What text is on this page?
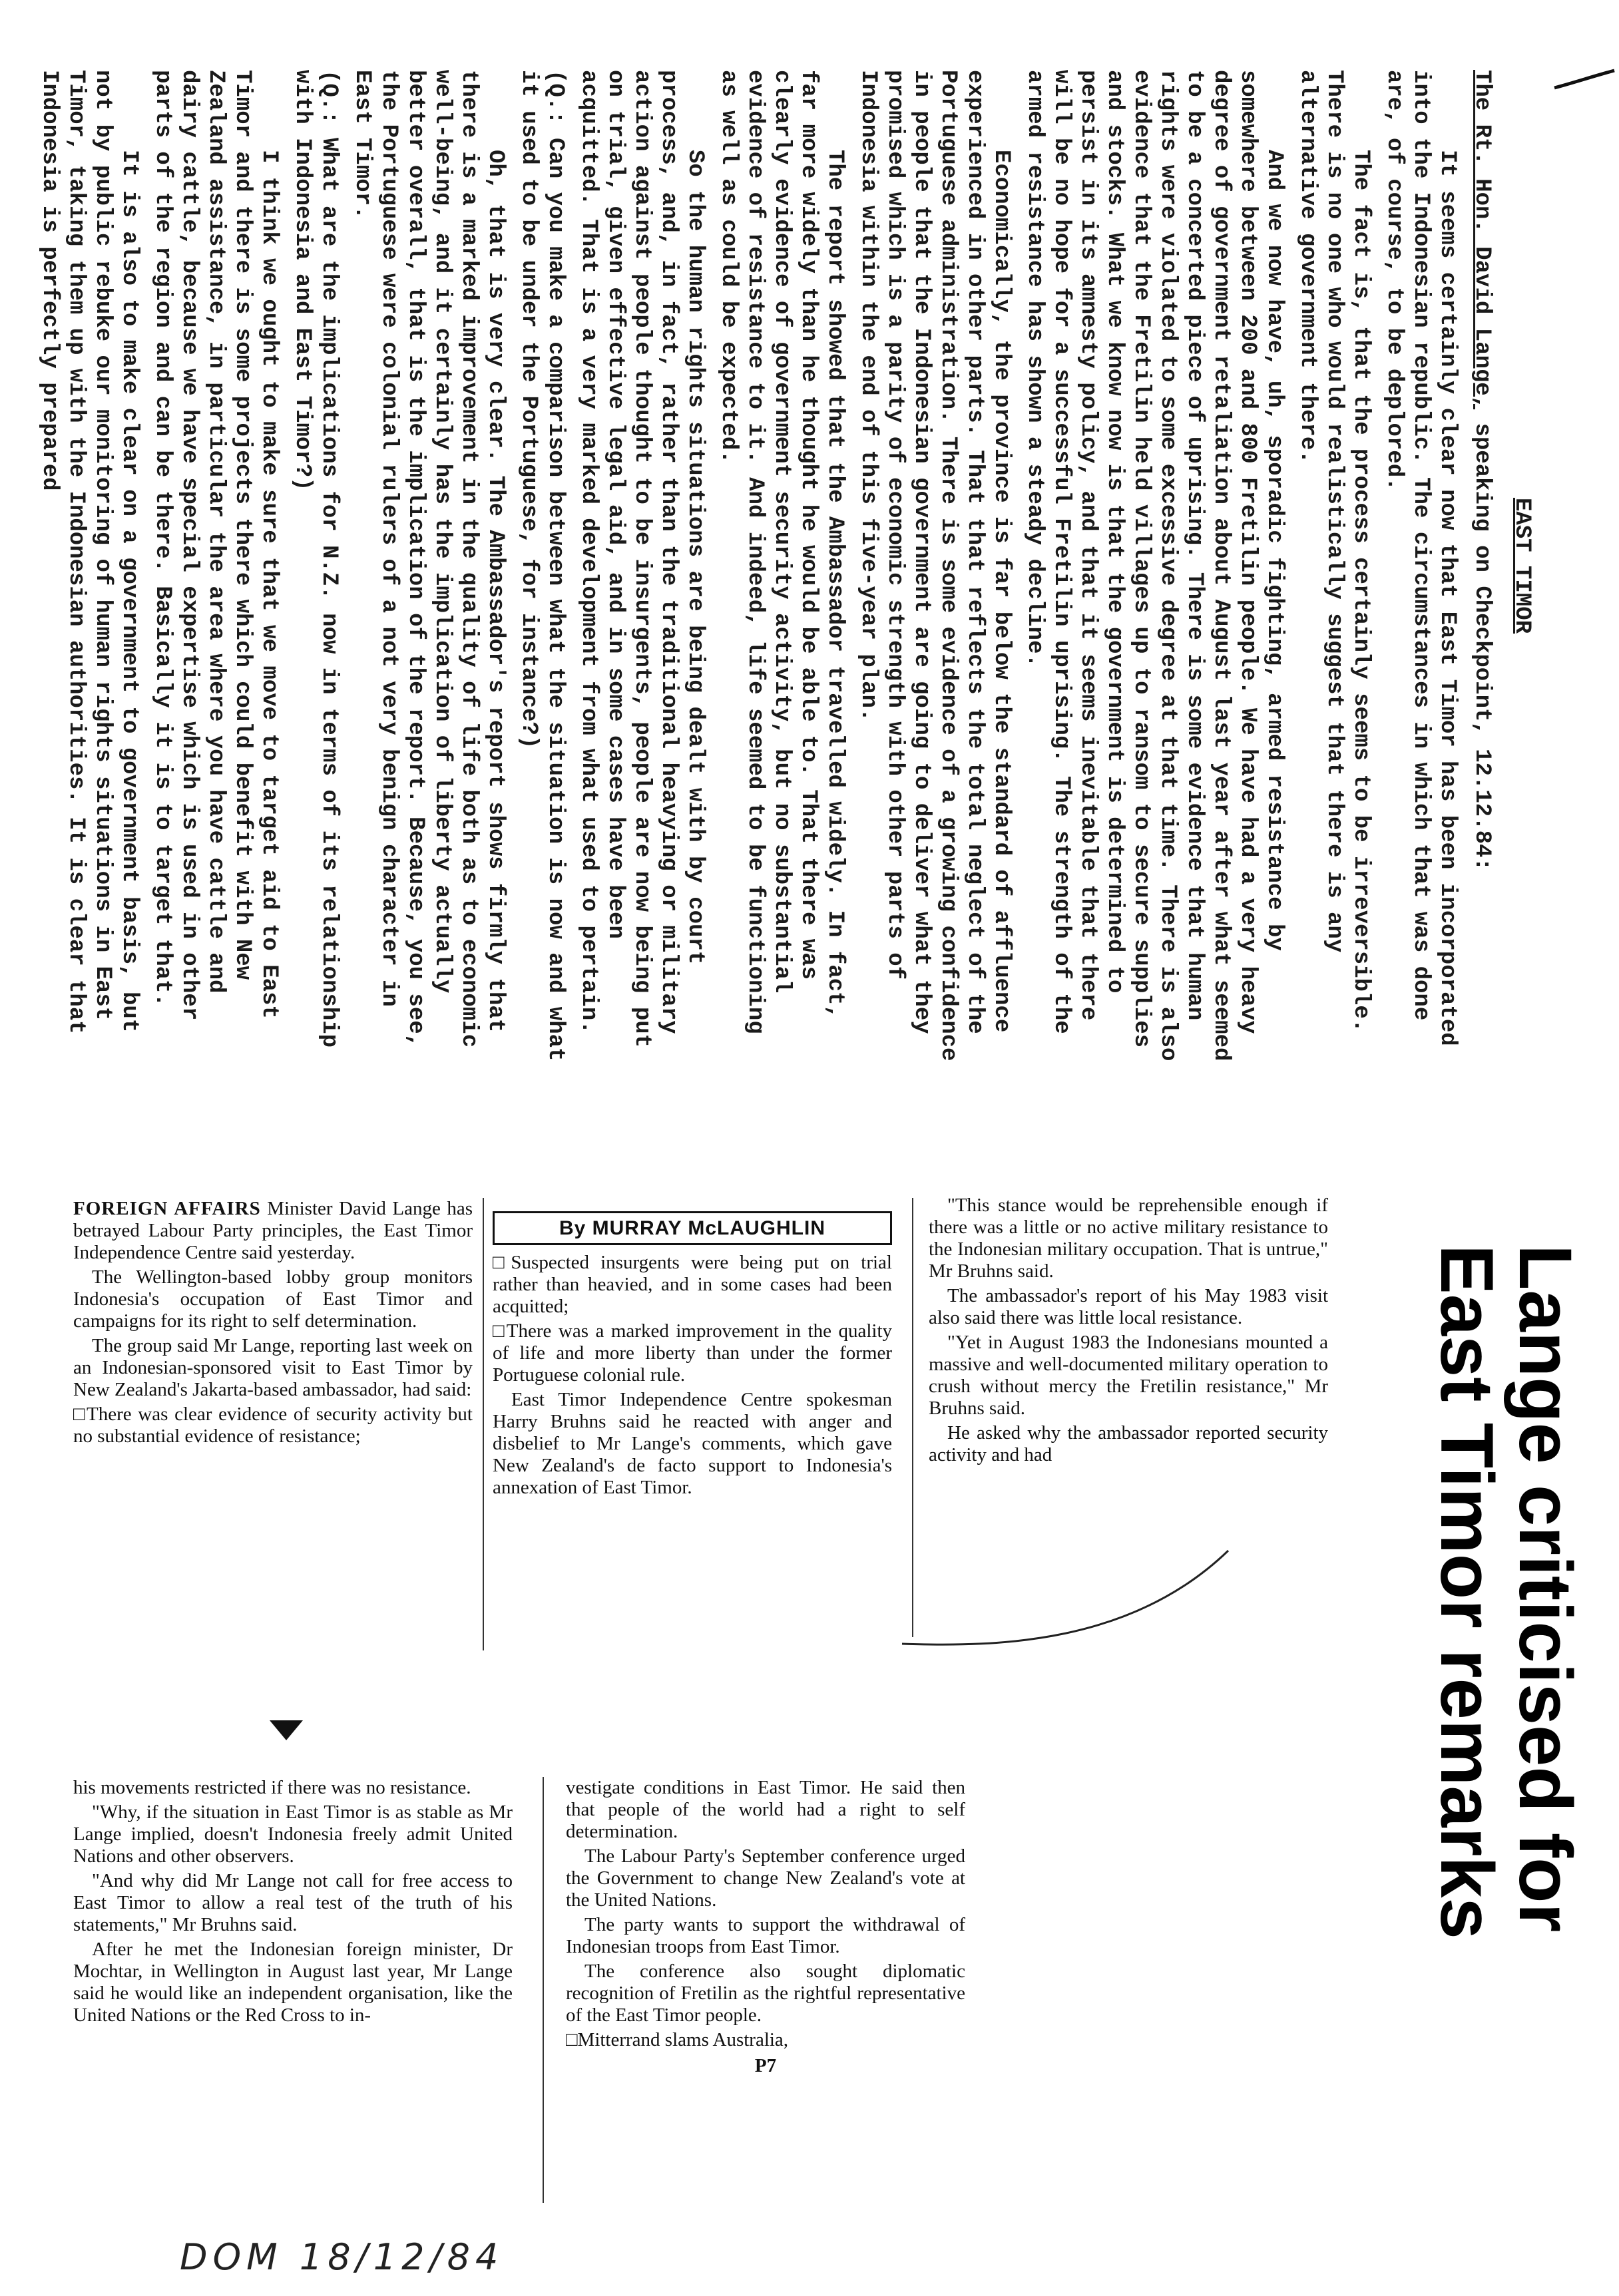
EAST TIMOR
The Rt. Hon. David Lange, speaking on Checkpoint, 12.12.84:

It seems certainly clear now that East Timor has been incorporated into the Indonesian republic. The circumstances in which that was done are, of course, to be deplored.

The fact is, that the process certainly seems to be irreversible. There is no one who would realistically suggest that there is any alternative government there.

And we now have, uh, sporadic fighting, armed resistance by somewhere between 200 and 800 Fretilin people. We have had a very heavy degree of government retaliation about August last year after what seemed to be a concerted piece of uprising. There is some evidence that human rights were violated to some excessive degree at that time. There is also evidence that the Fretilin held villages up to ransom to secure supplies and stocks. What we know now is that the government is determined to persist in its amnesty policy, and that it seems inevitable that there will be no hope for a successful Fretilin uprising. The strength of the armed resistance has shown a steady decline.

Economically, the province is far below the standard of affluence experienced in other parts. That that reflects the total neglect of the Portuguese administration. There is some evidence of a growing confidence in people that the Indonesian government are going to deliver what they promised which is a parity of economic strength with other parts of Indonesia within the end of this five-year plan.

The report showed that the Ambassador travelled widely. In fact, far more widely than he thought he would be able to. That there was clearly evidence of government security activity, but no substantial evidence of resistance to it. And indeed, life seemed to be functioning as well as could be expected.

So the human rights situations are being dealt with by court process, and, in fact, rather than the traditional heavying or military action against people thought to be insurgents, people are now being put on trial, given effective legal aid, and in some cases have been acquitted. That is a very marked development from what used to pertain.

(Q.: Can you make a comparison between what the situation is now and what it used to be under the Portuguese, for instance?)

Oh, that is very clear. The Ambassador's report shows firmly that there is a marked improvement in the quality of life both as to economic well-being, and it certainly has the implication of liberty actually better overall, that is the implication of the report. Because, you see, the Portuguese were colonial rulers of a not very benign character in East Timor.

(Q.: What are the implications for N.Z. now in terms of its relationship with Indonesia and East Timor?)

I think we ought to make sure that we move to target aid to East Timor and there is some projects there which could benefit with New Zealand assistance, in particular the area where you have cattle and dairy cattle, because we have special expertise which is used in other parts of the region and can be there. Basically it is to target that.

It is also to make clear on a government to government basis, but not by public rebuke our monitoring of human rights situations in East Timor, taking them up with the Indonesian authorities. It is clear that Indonesia is perfectly prepared

Lange criticised for
East Timor remarks

FOREIGN AFFAIRS Minister David Lange has betrayed Labour Party principles, the East Timor Independence Centre said yesterday.

The Wellington-based lobby group monitors Indonesia's occupation of East Timor and campaigns for its right to self determination.

The group said Mr Lange, reporting last week on an Indonesian-sponsored visit to East Timor by New Zealand's Jakarta-based ambassador, had said:

□ There was clear evidence of security activity but no substantial evidence of resistance;

By MURRAY McLAUGHLIN

□ Suspected insurgents were being put on trial rather than heavied, and in some cases had been acquitted;

□ There was a marked improvement in the quality of life and more liberty than under the former Portuguese colonial rule.

East Timor Independence Centre spokesman Harry Bruhns said he reacted with anger and disbelief to Mr Lange's comments, which gave New Zealand's de facto support to Indonesia's annexation of East Timor.

"This stance would be reprehensible enough if there was a little or no active military resistance to the Indonesian military occupation. That is untrue," Mr Bruhns said.

The ambassador's report of his May 1983 visit also said there was little local resistance.

"Yet in August 1983 the Indonesians mounted a massive and well-documented military operation to crush without mercy the Fretilin resistance," Mr Bruhns said.

He asked why the ambassador reported security activity and had

his movements restricted if there was no resistance.

"Why, if the situation in East Timor is as stable as Mr Lange implied, doesn't Indonesia freely admit United Nations and other observers.

"And why did Mr Lange not call for free access to East Timor to allow a real test of the truth of his statements," Mr Bruhns said.

After he met the Indonesian foreign minister, Dr Mochtar, in Wellington in August last year, Mr Lange said he would like an independent organisation, like the United Nations or the Red Cross to in-

vestigate conditions in East Timor. He said then that people of the world had a right to self determination.

The Labour Party's September conference urged the Government to change New Zealand's vote at the United Nations.

The party wants to support the withdrawal of Indonesian troops from East Timor.

The conference also sought diplomatic recognition of Fretilin as the rightful representative of the East Timor people.

□ Mitterrand slams Australia,

P7
DOM 18/12/84
